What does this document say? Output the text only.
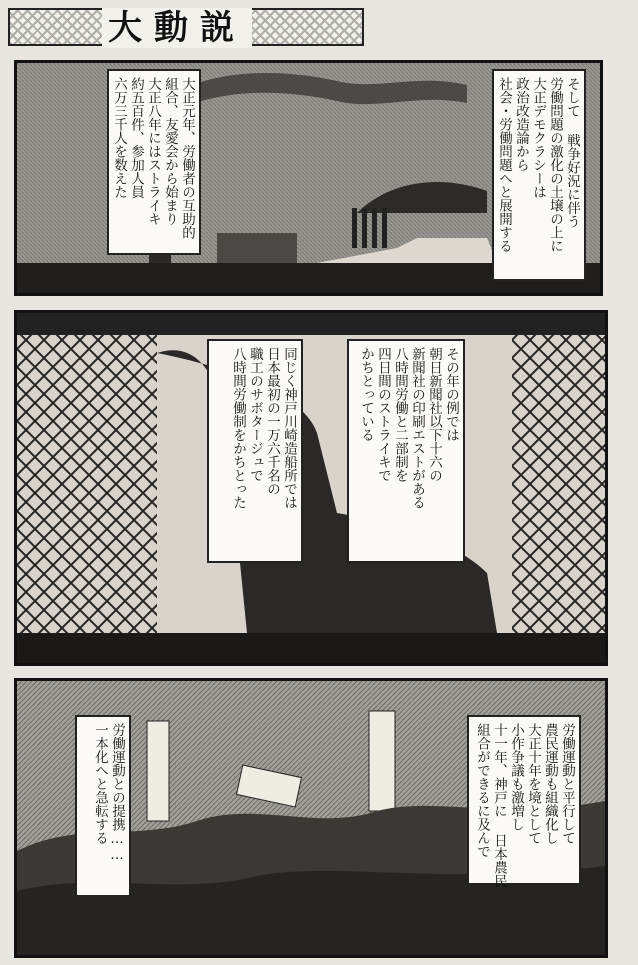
大動説
そして 戦争好況に伴う
労働問題の激化の土壌の上に
大正デモクラシーは
政治改造論から
社会・労働問題へと展開する
大正元年、労働者の互助的
組合、友愛会から始まり
大正八年にはストライキ
約五百件、参加人員
六万三千人を数えた
その年の例では
朝日新聞社以下十六の
新聞社の印刷エストがある
八時間労働と二部制を
四日間のストライキで
かちとっている
同じく神戸川崎造船所では
日本最初の一万六千名の
職工のサボタージュで
八時間労働制をかちとった
労働運動と平行して
農民運動も組織化し
大正十年を境として
小作争議も激増し
十一年、神戸に 日本農民
組合ができるに及んで
労働運動との提携……
一本化へと急転する
